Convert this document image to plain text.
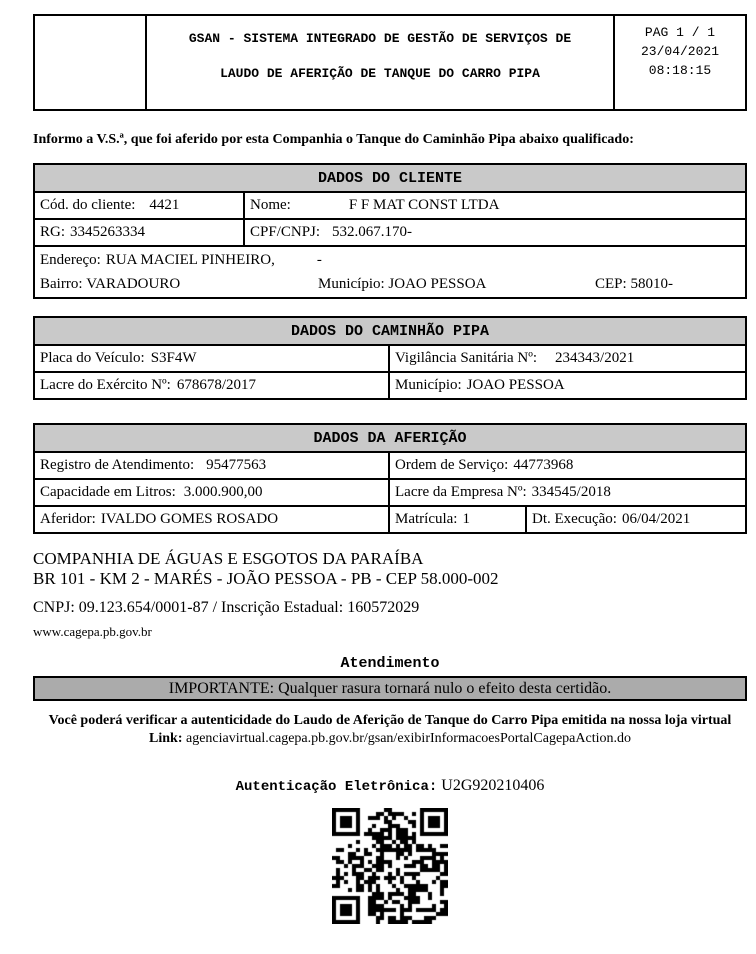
GSAN - SISTEMA INTEGRADO DE GESTÃO DE SERVIÇOS DE
LAUDO DE AFERIÇÃO DE TANQUE DO CARRO PIPA

PAG 1 / 1
23/04/2021
08:18:15

Informo a V.S.ª, que foi aferido por esta Companhia o Tanque do Caminhão Pipa abaixo qualificado:

DADOS DO CLIENTE	
Cód. do cliente: 4421	Nome: F F MAT CONST LTDA
RG: 3345263334	CPF/CNPJ: 532.067.170-

Endereço: RUA MACIEL PINHEIRO, -
Bairro: VARADOURO Município: JOAO PESSOA CEP: 58010-	
DADOS DO CAMINHÃO PIPA	
Placa do Veículo: S3F4W	Vigilância Sanitária Nº: 234343/2021
Lacre do Exército Nº: 678678/2017	Município: JOAO PESSOA
DADOS DA AFERIÇÃO		
Registro de Atendimento: 95477563	Ordem de Serviço: 44773968	
Capacidade em Litros: 3.000.900,00	Lacre da Empresa Nº: 334545/2018	
Aferidor: IVALDO GOMES ROSADO	Matrícula: 1	Dt. Execução: 06/04/2021
COMPANHIA DE ÁGUAS E ESGOTOS DA PARAÍBA
BR 101 - KM 2 - MARÉS - JOÃO PESSOA - PB - CEP 58.000-002
CNPJ: 09.123.654/0001-87 / Inscrição Estadual: 160572029
www.cagepa.pb.gov.br
Atendimento
IMPORTANTE: Qualquer rasura tornará nulo o efeito desta certidão.
Você poderá verificar a autenticidade do Laudo de Aferição de Tanque do Carro Pipa emitida na nossa loja virtual
Link: agenciavirtual.cagepa.pb.gov.br/gsan/exibirInformacoesPortalCagepaAction.do
Autenticação Eletrônica: U2G920210406
